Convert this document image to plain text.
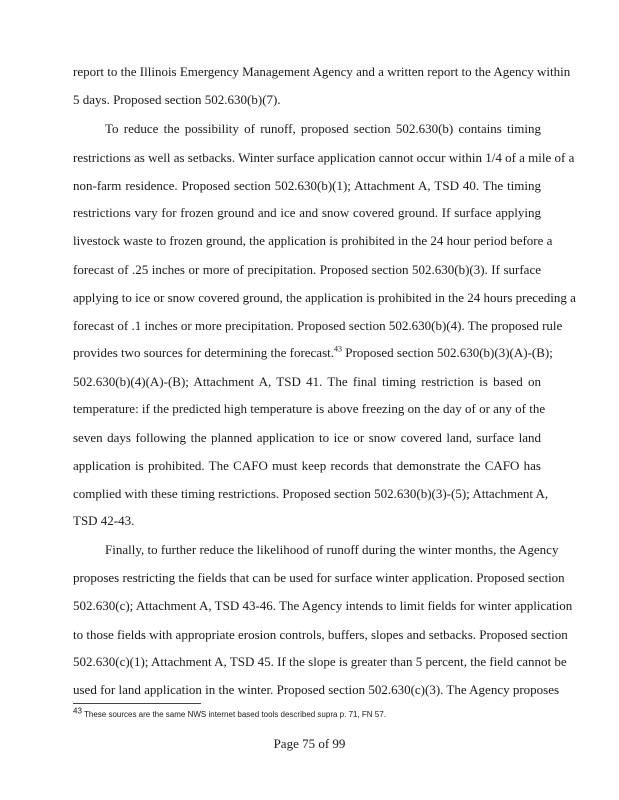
report to the Illinois Emergency Management Agency and a written report to the Agency within
5 days. Proposed section 502.630(b)(7).
To reduce the possibility of runoff, proposed section 502.630(b) contains timing
restrictions as well as setbacks. Winter surface application cannot occur within 1/4 of a mile of a
non-farm residence. Proposed section 502.630(b)(1); Attachment A, TSD 40. The timing
restrictions vary for frozen ground and ice and snow covered ground. If surface applying
livestock waste to frozen ground, the application is prohibited in the 24 hour period before a
forecast of .25 inches or more of precipitation. Proposed section 502.630(b)(3). If surface
applying to ice or snow covered ground, the application is prohibited in the 24 hours preceding a
forecast of .1 inches or more precipitation. Proposed section 502.630(b)(4). The proposed rule
provides two sources for determining the forecast.$^{43}$ Proposed section 502.630(b)(3)(A)-(B);
502.630(b)(4)(A)-(B); Attachment A, TSD 41. The final timing restriction is based on
temperature: if the predicted high temperature is above freezing on the day of or any of the
seven days following the planned application to ice or snow covered land, surface land
application is prohibited. The CAFO must keep records that demonstrate the CAFO has
complied with these timing restrictions. Proposed section 502.630(b)(3)-(5); Attachment A,
TSD 42-43.
Finally, to further reduce the likelihood of runoff during the winter months, the Agency
proposes restricting the fields that can be used for surface winter application. Proposed section
502.630(c); Attachment A, TSD 43-46. The Agency intends to limit fields for winter application
to those fields with appropriate erosion controls, buffers, slopes and setbacks. Proposed section
502.630(c)(1); Attachment A, TSD 45. If the slope is greater than 5 percent, the field cannot be
used for land application in the winter. Proposed section 502.630(c)(3). The Agency proposes
$^{43}$ These sources are the same NWS internet based tools described supra p. 71, FN 57.
Page 75 of 99
